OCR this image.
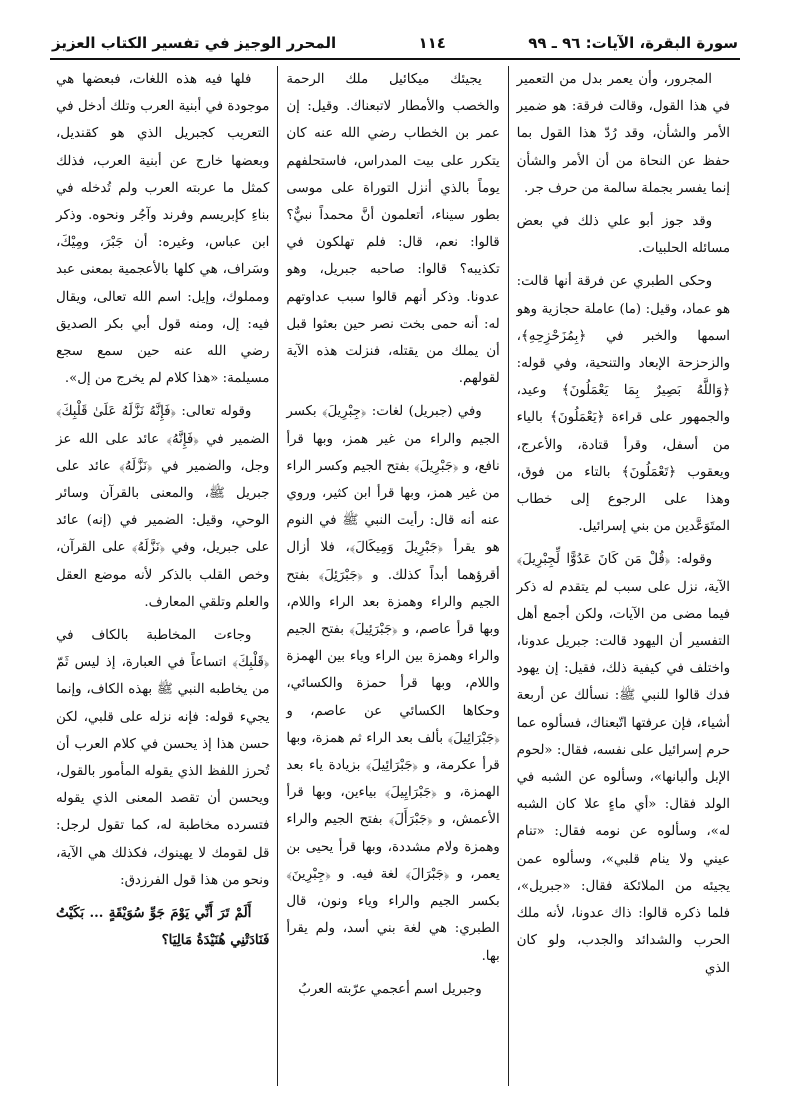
سورة البقرة، الآيات: ٩٦ ـ ٩٩
١١٤
المحرر الوجيز في تفسير الكتاب العزيز

المجرور، وأن يعمر بدل من التعمير في هذا القول، وقالت فرقة: هو ضمير الأمر والشأن، وقد رُدّ هذا القول بما حفظ عن النحاة من أن الأمر والشأن إنما يفسر بجملة سالمة من حرف جر.

وقد جوز أبو علي ذلك في بعض مسائله الحلبيات.

وحكى الطبري عن فرقة أنها قالت: هو عماد، وقيل: (ما) عاملة حجازية وهو اسمها والخبر في ﴿بِمُزَحْزِحِهِ﴾، والزحزحة الإبعاد والتنحية، وفي قوله: ﴿وَاللَّهُ بَصِيرٌ بِمَا يَعْمَلُونَ﴾ وعيد، والجمهور على قراءة ﴿يَعْمَلُونَ﴾ بالياء من أسفل، وقرأ قتادة، والأعرج، ويعقوب ﴿تَعْمَلُونَ﴾ بالتاء من فوق، وهذا على الرجوع إلى خطاب المتَوَعَّدين من بني إسرائيل.

وقوله: ﴿قُلْ مَن كَانَ عَدُوًّا لِّجِبْرِيلَ﴾ الآية، نزل على سبب لم يتقدم له ذكر فيما مضى من الآيات، ولكن أجمع أهل التفسير أن اليهود قالت: جبريل عدونا، واختلف في كيفية ذلك، فقيل: إن يهود فدك قالوا للنبي ﷺ: نسألك عن أربعة أشياء، فإن عرفتها اتّبعناك، فسألوه عما حرم إسرائيل على نفسه، فقال: «لحوم الإبل وألبانها»، وسألوه عن الشبه في الولد فقال: «أي ماءٍ علا كان الشبه له»، وسألوه عن نومه فقال: «تنام عيني ولا ينام قلبي»، وسألوه عمن يجيئه من الملائكة فقال: «جبريل»، فلما ذكره قالوا: ذاك عدونا، لأنه ملك الحرب والشدائد والجدب، ولو كان الذي

يجيئك ميكائيل ملك الرحمة والخصب والأمطار لاتبعناك. وقيل: إن عمر بن الخطاب رضي الله عنه كان يتكرر على بيت المدراس، فاستحلفهم يوماً بالذي أنزل التوراة على موسى بطور سيناء، أتعلمون أنَّ محمداً نبيٌّ؟ قالوا: نعم، قال: فلم تهلكون في تكذيبه؟ قالوا: صاحبه جبريل، وهو عدونا. وذكر أنهم قالوا سبب عداوتهم له: أنه حمى بخت نصر حين بعثوا قبل أن يملك من يقتله، فنزلت هذه الآية لقولهم.

وفي (جبريل) لغات: ﴿جِبْرِيلَ﴾ بكسر الجيم والراء من غير همز، وبها قرأ نافع، و ﴿جَبْرِيلَ﴾ بفتح الجيم وكسر الراء من غير همز، وبها قرأ ابن كثير، وروي عنه أنه قال: رأيت النبي ﷺ في النوم هو يقرأ ﴿جَبْرِيلَ وَمِيكَالَ﴾، فلا أزال أقرؤهما أبداً كذلك. و ﴿جَبْرَئِلَ﴾ بفتح الجيم والراء وهمزة بعد الراء واللام، وبها قرأ عاصم، و ﴿جَبْرَئِيلَ﴾ بفتح الجيم والراء وهمزة بين الراء وياء بين الهمزة واللام، وبها قرأ حمزة والكسائي، وحكاها الكسائي عن عاصم، و ﴿جَبْرَائِيلَ﴾ بألف بعد الراء ثم همزة، وبها قرأ عكرمة، و ﴿جَبْرَائِيلَ﴾ بزيادة ياء بعد الهمزة، و ﴿جَبْرَايِيلَ﴾ بياءين، وبها قرأ الأعمش، و ﴿جَبْرَأَلَ﴾ بفتح الجيم والراء وهمزة ولام مشددة، وبها قرأ يحيى بن يعمر، و ﴿جَبْرَالَ﴾ لغة فيه. و ﴿جِبْرِينَ﴾ بكسر الجيم والراء وياء ونون، قال الطبري: هي لغة بني أسد، ولم يقرأ بها.

وجبريل اسم أعجمي عرّبته العربُ

فلها فيه هذه اللغات، فبعضها هي موجودة في أبنية العرب وتلك أدخل في التعريب كجبريل الذي هو كقنديل، وبعضها خارج عن أبنية العرب، فذلك كمثل ما عربته العرب ولم تُدخله في بناءِ كإبريسم وفرند وآجُر ونحوه. وذكر ابن عباس، وغيره: أن جَبْرَ، ومِيْكَ، وسَراف، هي كلها بالأعجمية بمعنى عبد ومملوك، وإيل: اسم الله تعالى، ويقال فيه: إل، ومنه قول أبي بكر الصديق رضي الله عنه حين سمع سجع مسيلمة: «هذا كلام لم يخرج من إل».

وقوله تعالى: ﴿فَإِنَّهُ نَزَّلَهُ عَلَىٰ قَلْبِكَ﴾ الضمير في ﴿فَإِنَّهُ﴾ عائد على الله عز وجل، والضمير في ﴿نَزَّلَهُ﴾ عائد على جبريل ﷺ، والمعنى بالقرآن وسائر الوحي، وقيل: الضمير في (إنه) عائد على جبريل، وفي ﴿نَزَّلَهُ﴾ على القرآن، وخص القلب بالذكر لأنه موضع العقل والعلم وتلقي المعارف.

وجاءت المخاطبة بالكاف في ﴿قَلْبِكَ﴾ اتساعاً في العبارة، إذ ليس ثَمّ من يخاطبه النبي ﷺ بهذه الكاف، وإنما يجيء قوله: فإنه نزله على قلبي، لكن حسن هذا إذ يحسن في كلام العرب أن تُحرز اللفظ الذي يقوله المأمور بالقول، ويحسن أن تقصد المعنى الذي يقوله فتسرده مخاطبة له، كما تقول لرجل: قل لقومك لا يهينوك، فكذلك هي الآية، ونحو من هذا قول الفرزدق:

أَلَمْ تَرَ أَنِّي يَوْمَ جَوِّ سُوَيْقَةٍ ... بَكَيْتُ فَنَادَتْنِي هُنَيْدَةُ مَالِيَا؟
